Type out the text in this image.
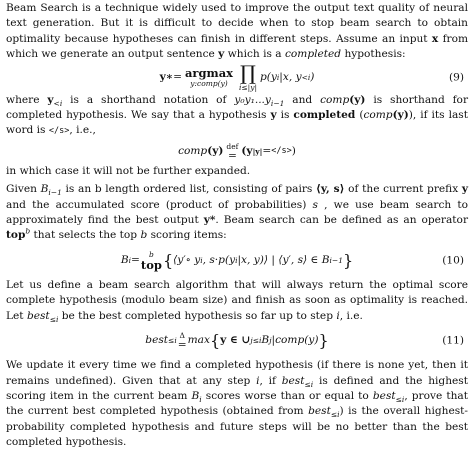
Beam Search is a technique widely used to improve the output text quality of neural text generation. But it is difficult to decide when to stop beam search to obtain optimality because hypotheses can finish in different steps. Assume an input x from which we generate an output sentence y which is a completed hypothesis:

y∗ = argmax
y:comp(y) ∏
i≤|y|
p(y i |x, y <i )	(9)

where $y_{<i}$ is a shorthand notation of $y_0y_1...y_{i-1}$ and comp(y) is shorthand for completed hypothesis. We say that a hypothesis y is completed (comp(y)), if its last word is </s>, i.e.,

comp (y) def
= (y |y| = </s> )

in which case it will not be further expanded.

Given $B_{i-1}$ is an b length ordered list, consisting of pairs ⟨y, s⟩ of the current prefix y and the accumulated score (product of probabilities) s , we use beam search to approximately find the best output y*. Beam search can be defined as an operator top$^b$ that selects the top b scoring items:

B i = b
top { ⟨y′∘ y i , s·p(y i |x, y)⟩ | ⟨y′, s⟩ ∈ B i−1 }	(10)

Let us define a beam search algorithm that will always return the optimal score complete hypothesis (modulo beam size) and finish as soon as optimality is reached. Let best$_{\le i}$ be the best completed hypothesis so far up to step i, i.e.

best ≤i
Δ
= max { y ∈ ∪ j≤i B j |comp(y) }	(11)

We update it every time we find a completed hypothesis (if there is none yet, then it remains undefined). Given that at any step i, if best$_{\le i}$ is defined and the highest scoring item in the current beam $B_i$ scores worse than or equal to best$_{\le i}$, prove that the current best completed hypothesis (obtained from best$_{\le i}$) is the overall highest-probability completed hypothesis and future steps will be no better than the best completed hypothesis.
